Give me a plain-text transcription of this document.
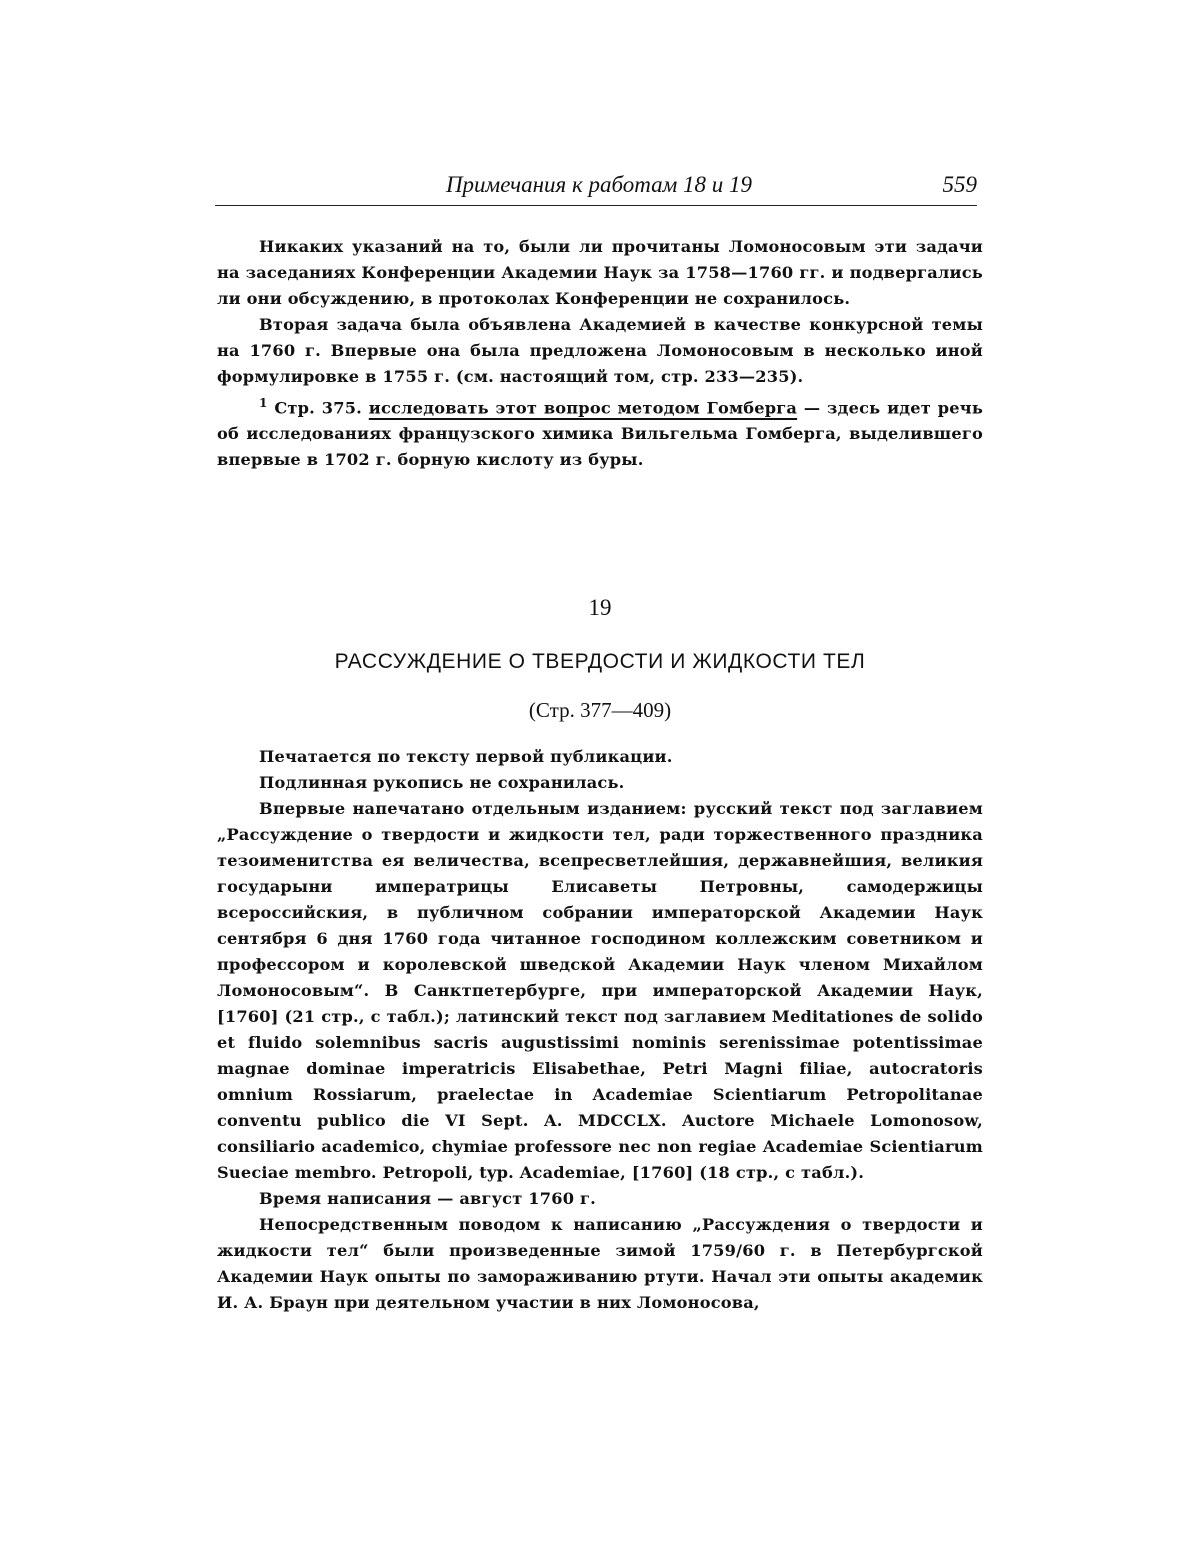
Примечания к работам 18 и 19	559

Никаких указаний на то, были ли прочитаны Ломоносовым эти задачи на заседаниях Конференции Академии Наук за 1758—1760 гг. и подвергались ли они обсуждению, в протоколах Конференции не сохранилось.

Вторая задача была объявлена Академией в качестве конкурсной темы на 1760 г. Впервые она была предложена Ломоносовым в несколько иной формулировке в 1755 г. (см. настоящий том, стр. 233—235).

1 Стр. 375. исследовать этот вопрос методом Гомберга — здесь идет речь об исследованиях французского химика Вильгельма Гомберга, выделившего впервые в 1702 г. борную кислоту из буры.

19
РАССУЖДЕНИЕ О ТВЕРДОСТИ И ЖИДКОСТИ ТЕЛ
(Стр. 377—409)

Печатается по тексту первой публикации.

Подлинная рукопись не сохранилась.

Впервые напечатано отдельным изданием: русский текст под заглавием „Рассуждение о твердости и жидкости тел, ради торжественного праздника тезоименитства ея величества, всепресветлейшия, державнейшия, великия государыни императрицы Елисаветы Петровны, самодержицы всероссийския, в публичном собрании императорской Академии Наук сентября 6 дня 1760 года читанное господином коллежским советником и профессором и королевской шведской Академии Наук членом Михайлом Ломоносовым“. В Санктпетербурге, при императорской Академии Наук, [1760] (21 стр., с табл.); латинский текст под заглавием Meditationes de solido et fluido solemnibus sacris augustissimi nominis serenissimae potentissimae magnae dominae imperatricis Elisabethae, Petri Magni filiae, autocratoris omnium Rossiarum, praelectae in Academiae Scientiarum Petropolitanae conventu publico die VI Sept. A. MDCCLX. Auctore Michaele Lomonosow, consiliario academico, chymiae professore nec non regiae Academiae Scientiarum Sueciae membro. Petropoli, typ. Academiae, [1760] (18 стр., с табл.).

Время написания — август 1760 г.

Непосредственным поводом к написанию „Рассуждения о твердости и жидкости тел“ были произведенные зимой 1759/60 г. в Петербургской Академии Наук опыты по замораживанию ртути. Начал эти опыты академик И. А. Браун при деятельном участии в них Ломоносова,
